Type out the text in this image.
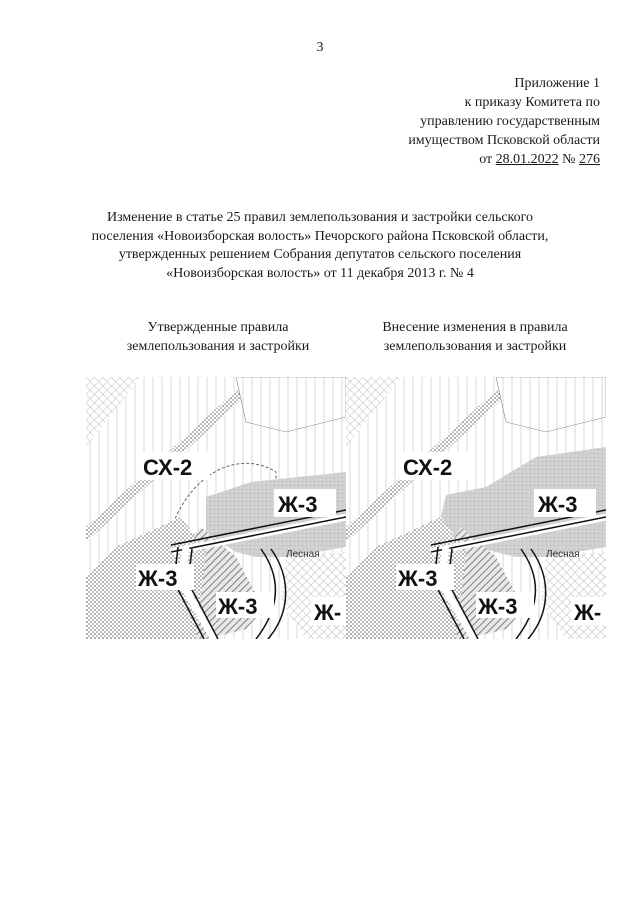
3
Приложение 1
к приказу Комитета по
управлению государственным
имуществом Псковской области
от 28.01.2022 № 276
Изменение в статье 25 правил землепользования и застройки сельского
поселения «Новоизборская волость» Печорского района Псковской области,
утвержденных решением Собрания депутатов сельского поселения
«Новоизборская волость» от 11 декабря 2013 г. № 4
Утвержденные правила
землепользования и застройки
Внесение изменения в правила
землепользования и застройки
СХ-2
Ж-3
Ж-3
Ж-3	Ж-
Лесная
СХ-2
Ж-3
Ж-3
Ж-3	Ж-
Лесная
